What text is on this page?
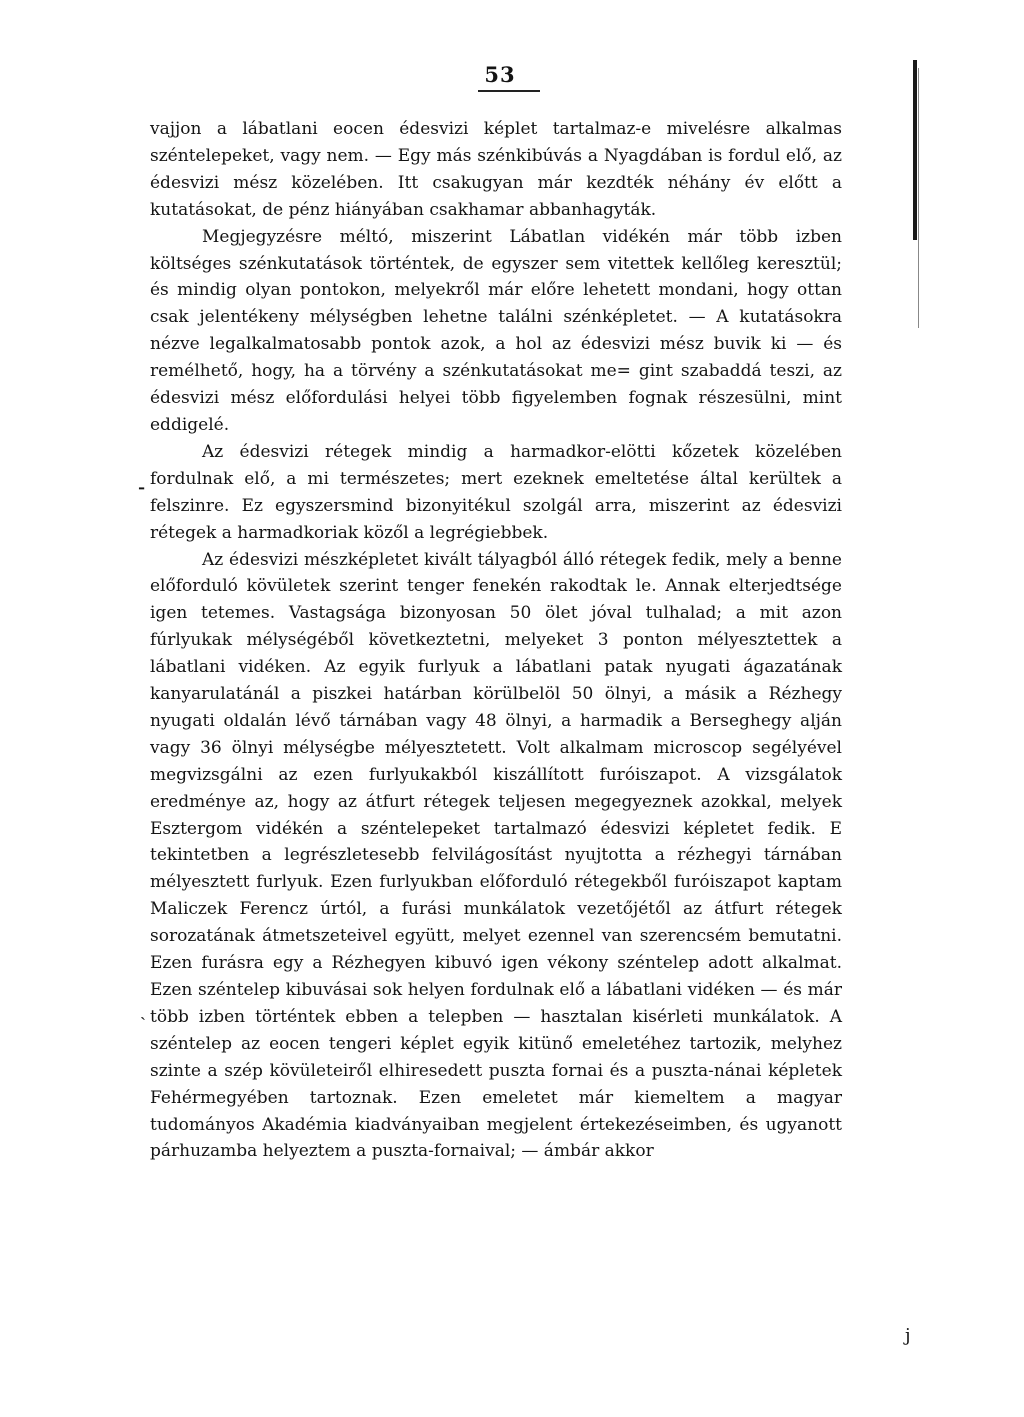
53
ˏ
⁃
j

vajjon a lábatlani eocen édesvizi képlet tartalmaz-e mivelésre alkalmas széntelepeket, vagy nem. — Egy más szénkibúvás a Nyagdában is fordul elő, az édesvizi mész közelében. Itt csakugyan már kezdték néhány év előtt a kutatásokat, de pénz hiányában csakhamar abbanhagyták.

Megjegyzésre méltó, miszerint Lábatlan vidékén már több izben költséges szénkutatások történtek, de egyszer sem vitettek kellőleg keresztül; és mindig olyan pontokon, melyekről már előre lehetett mondani, hogy ottan csak jelentékeny mélységben lehetne találni szénképletet. — A kutatásokra nézve legalkalmatosabb pontok azok, a hol az édesvizi mész buvik ki — és remélhető, hogy, ha a törvény a szénkutatásokat me= gint szabaddá teszi, az édesvizi mész előfordulási helyei több figyelemben fognak részesülni, mint eddigelé.

Az édesvizi rétegek mindig a harmadkor-elötti kőzetek közelében fordulnak elő, a mi természetes; mert ezeknek emeltetése által kerültek a felszinre. Ez egyszersmind bizonyitékul szolgál arra, miszerint az édesvizi rétegek a harmadkoriak közől a legrégiebbek.

Az édesvizi mészképletet kivált tályagból álló rétegek fedik, mely a benne előforduló kövületek szerint tenger fenekén rakodtak le. Annak elterjedtsége igen tetemes. Vastagsága bizonyosan 50 ölet jóval tulhalad; a mit azon fúrlyukak mélységéből következtetni, melyeket 3 ponton mélyesztettek a lábatlani vidéken. Az egyik furlyuk a lábatlani patak nyugati ágazatának kanyarulatánál a piszkei határban körülbelöl 50 ölnyi, a másik a Rézhegy nyugati oldalán lévő tárnában vagy 48 ölnyi, a harmadik a Berseghegy alján vagy 36 ölnyi mélységbe mélyesztetett. Volt alkalmam microscop segélyével megvizsgálni az ezen furlyukakból kiszállított furóiszapot. A vizsgálatok eredménye az, hogy az átfurt rétegek teljesen megegyeznek azokkal, melyek Esztergom vidékén a széntelepeket tartalmazó édesvizi képletet fedik. E tekintetben a legrészletesebb felvilágosítást nyujtotta a rézhegyi tárnában mélyesztett furlyuk. Ezen furlyukban előforduló rétegekből furóiszapot kaptam Maliczek Ferencz úrtól, a furási munkálatok vezetőjétől az átfurt rétegek sorozatának átmetszeteivel együtt, melyet ezennel van szerencsém bemutatni. Ezen furásra egy a Rézhegyen kibuvó igen vékony széntelep adott alkalmat. Ezen széntelep kibuvásai sok helyen fordulnak elő a lábatlani vidéken — és már több izben történtek ebben a telepben — hasztalan kisérleti munkálatok. A széntelep az eocen tengeri képlet egyik kitünő emeletéhez tartozik, melyhez szinte a szép kövületeiről elhiresedett puszta fornai és a puszta-nánai képletek Fehérmegyében tartoznak. Ezen emeletet már kiemeltem a magyar tudományos Akadémia kiadványaiban megjelent értekezéseimben, és ugyanott párhuzamba helyeztem a puszta-fornaival; — ámbár akkor
